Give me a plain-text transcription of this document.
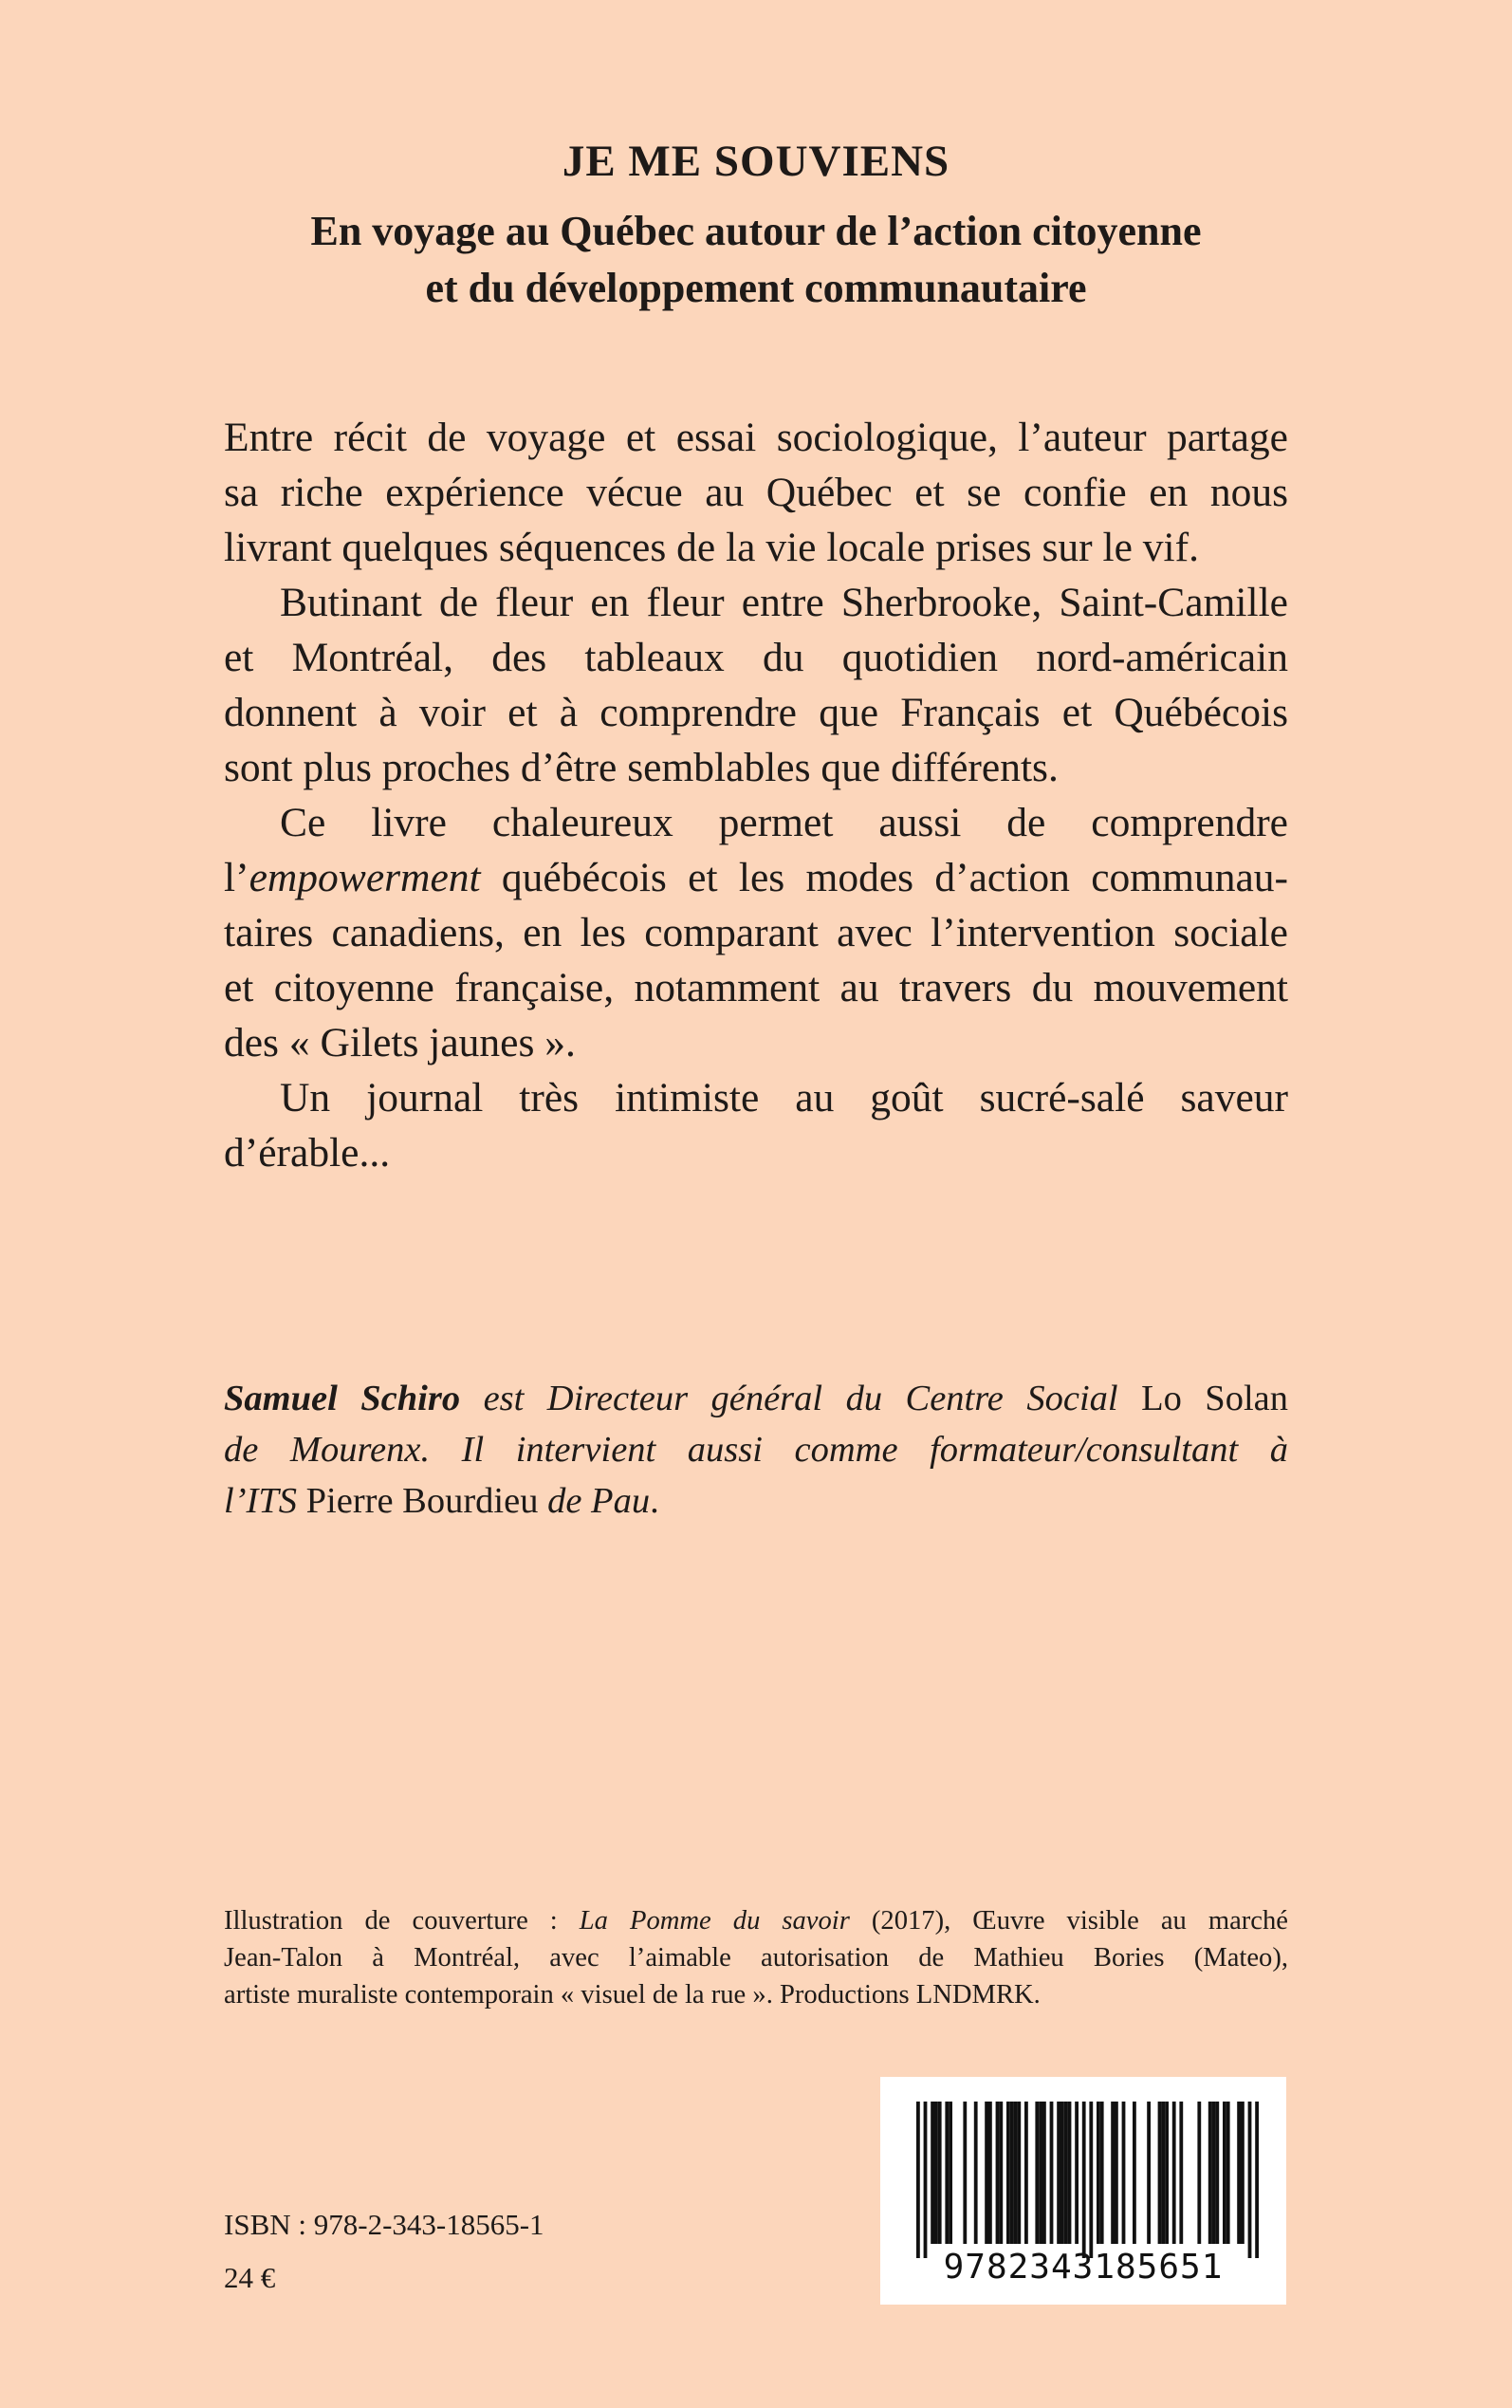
JE ME SOUVIENS
En voyage au Québec autour de l’action citoyenne
et du développement communautaire
Entre récit de voyage et essai sociologique, l’auteur partage
sa riche expérience vécue au Québec et se confie en nous
livrant quelques séquences de la vie locale prises sur le vif.
Butinant de fleur en fleur entre Sherbrooke, Saint-Camille
et Montréal, des tableaux du quotidien nord-américain
donnent à voir et à comprendre que Français et Québécois
sont plus proches d’être semblables que différents.
Ce livre chaleureux permet aussi de comprendre
l’empowerment québécois et les modes d’action communau-
taires canadiens, en les comparant avec l’intervention sociale
et citoyenne française, notamment au travers du mouvement
des « Gilets jaunes ».
Un journal très intimiste au goût sucré-salé saveur
d’érable...
Samuel Schiro est Directeur général du Centre Social Lo Solan
de Mourenx. Il intervient aussi comme formateur/consultant à
l’ITS Pierre Bourdieu de Pau.
Illustration de couverture : La Pomme du savoir (2017), Œuvre visible au marché
Jean-Talon à Montréal, avec l’aimable autorisation de Mathieu Bories (Mateo),
artiste muraliste contemporain « visuel de la rue ». Productions LNDMRK.
ISBN : 978-2-343-18565-1
24 €	9782343185651
